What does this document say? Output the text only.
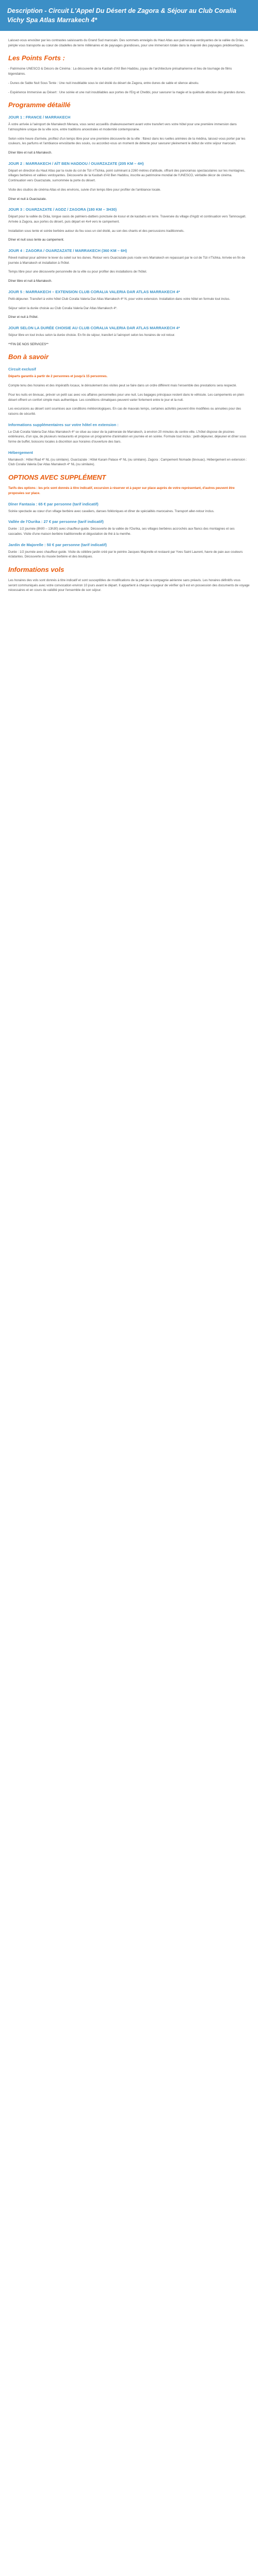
Description - Circuit L'Appel Du Désert de Zagora & Séjour au Club Coralia Vichy Spa Atlas Marrakech 4*

Laissez-vous envoûter par les contrastes saisissants du Grand Sud marocain. Des sommets enneigés du Haut Atlas aux palmeraies verdoyantes de la vallée du Drâa, ce périple vous transporte au cœur de citadelles de terre millénaires et de paysages grandioses, pour une immersion totale dans la majesté des paysages prédésertiques.

Les Points Forts :

- Patrimoine UNESCO & Décors de Cinéma : La découverte de la Kasbah d'Aït Ben Haddou, joyau de l'architecture présaharienne et lieu de tournage de films légendaires.

- Dunes de Sable Nuit Sous Tente : Une nuit inoubliable sous le ciel étoilé du désert de Zagora, entre dunes de sable et silence absolu.

- Expérience Immersive au Désert : Une soirée et une nuit inoubliables aux portes de l'Erg et Chebbi, pour savourer la magie et la quiétude absolue des grandes dunes.

Programme détaillé
JOUR 1 : FRANCE / MARRAKECH

À votre arrivée à l'aéroport de Marrakech Menara, vous serez accueillis chaleureusement avant votre transfert vers votre hôtel pour une première immersion dans l'atmosphère unique de la ville ocre, entre traditions ancestrales et modernité contemporaine.

Selon votre heure d'arrivée, profitez d'un temps libre pour une première découverte de la ville : flânez dans les ruelles animées de la médina, laissez-vous porter par les couleurs, les parfums et l'ambiance envoûtante des souks, ou accordez-vous un moment de détente pour savourer pleinement le début de votre séjour marocain.

Dîner libre et nuit à Marrakech.

JOUR 2 : MARRAKECH / AÏT BEN HADDOU / OUARZAZATE (205 KM – 4H)

Départ en direction du Haut Atlas par la route du col de Tizi n'Tichka, point culminant à 2260 mètres d'altitude, offrant des panoramas spectaculaires sur les montagnes, villages berbères et vallées verdoyantes. Découverte de la Kasbah d'Aït Ben Haddou, inscrite au patrimoine mondial de l'UNESCO, véritable décor de cinéma. Continuation vers Ouarzazate, surnommée la porte du désert.

Visite des studios de cinéma Atlas et des environs, suivie d'un temps libre pour profiter de l'ambiance locale.

Dîner et nuit à Ouarzazate.

JOUR 3 : OUARZAZATE / AGDZ / ZAGORA (180 KM – 3H30)

Départ pour la vallée du Drâa, longue oasis de palmiers-dattiers ponctuée de ksour et de kasbahs en terre. Traversée du village d'Agdz et continuation vers Tamnougalt. Arrivée à Zagora, aux portes du désert, puis départ en 4x4 vers le campement.

Installation sous tente et soirée berbère autour du feu sous un ciel étoilé, au son des chants et des percussions traditionnels.

Dîner et nuit sous tente au campement.

JOUR 4 : ZAGORA / OUARZAZATE / MARRAKECH (360 KM – 6H)

Réveil matinal pour admirer le lever du soleil sur les dunes. Retour vers Ouarzazate puis route vers Marrakech en repassant par le col de Tizi n'Tichka. Arrivée en fin de journée à Marrakech et installation à l'hôtel.

Temps libre pour une découverte personnelle de la ville ou pour profiter des installations de l'hôtel.

Dîner libre et nuit à Marrakech.

JOUR 5 : MARRAKECH – EXTENSION CLUB CORALIA VALERIA DAR ATLAS MARRAKECH 4*

Petit-déjeuner. Transfert à votre hôtel Club Coralia Valeria Dar Atlas Marrakech 4* N, pour votre extension. Installation dans votre hôtel en formule tout inclus.

Séjour selon la durée choisie au Club Coralia Valeria Dar Atlas Marrakech 4*.

Dîner et nuit à l'hôtel.

JOUR SELON LA DURÉE CHOISIE AU CLUB CORALIA VALERIA DAR ATLAS MARRAKECH 4*

Séjour libre en tout inclus selon la durée choisie. En fin de séjour, transfert à l'aéroport selon les horaires de vol retour.

**FIN DE NOS SERVICES**

Bon à savoir
Circuit exclusif

Départs garantis à partir de 2 personnes et jusqu'à 15 personnes.

Compte tenu des horaires et des impératifs locaux, le déroulement des visites peut se faire dans un ordre différent mais l'ensemble des prestations sera respecté.

Pour les nuits en bivouac, prévoir un petit sac avec vos affaires personnelles pour une nuit. Les bagages principaux restent dans le véhicule. Les campements en plein désert offrent un confort simple mais authentique. Les conditions climatiques peuvent varier fortement entre le jour et la nuit.

Les excursions au désert sont soumises aux conditions météorologiques. En cas de mauvais temps, certaines activités peuvent être modifiées ou annulées pour des raisons de sécurité.

Informations supplémentaires sur votre hôtel en extension :

Le Club Coralia Valeria Dar Atlas Marrakech 4* se situe au cœur de la palmeraie de Marrakech, à environ 20 minutes du centre-ville. L'hôtel dispose de piscines extérieures, d'un spa, de plusieurs restaurants et propose un programme d'animation en journée et en soirée. Formule tout inclus : petit-déjeuner, déjeuner et dîner sous forme de buffet, boissons locales à discrétion aux horaires d'ouverture des bars.

Hébergement

Marrakech : Hôtel Riad 4* NL (ou similaire). Ouarzazate : Hôtel Karam Palace 4* NL (ou similaire). Zagora : Campement Nomade (bivouac). Hébergement en extension : Club Coralia Valeria Dar Atlas Marrakech 4* NL (ou similaire).

OPTIONS AVEC SUPPLÉMENT

Tarifs des options : les prix sont donnés à titre indicatif, excursion à réserver et à payer sur place auprès de votre représentant, d'autres peuvent être proposées sur place.

Dîner Fantasia : 65 € par personne (tarif indicatif)

Soirée spectacle au cœur d'un village berbère avec cavaliers, danses folkloriques et dîner de spécialités marocaines. Transport aller-retour inclus.

Vallée de l'Ourika : 27 € par personne (tarif indicatif)

Durée : 1/2 journée (8h00 – 13h30) avec chauffeur-guide. Découverte de la vallée de l'Ourika, ses villages berbères accrochés aux flancs des montagnes et ses cascades. Visite d'une maison berbère traditionnelle et dégustation de thé à la menthe.

Jardin de Majorelle : 50 € par personne (tarif indicatif)

Durée : 1/2 journée avec chauffeur-guide. Visite du célèbre jardin créé par le peintre Jacques Majorelle et restauré par Yves Saint Laurent, havre de paix aux couleurs éclatantes. Découverte du musée berbère et des boutiques.

Informations vols

Les horaires des vols sont donnés à titre indicatif et sont susceptibles de modifications de la part de la compagnie aérienne sans préavis. Les horaires définitifs vous seront communiqués avec votre convocation environ 10 jours avant le départ. Il appartient à chaque voyageur de vérifier qu'il est en possession des documents de voyage nécessaires et en cours de validité pour l'ensemble de son séjour.
